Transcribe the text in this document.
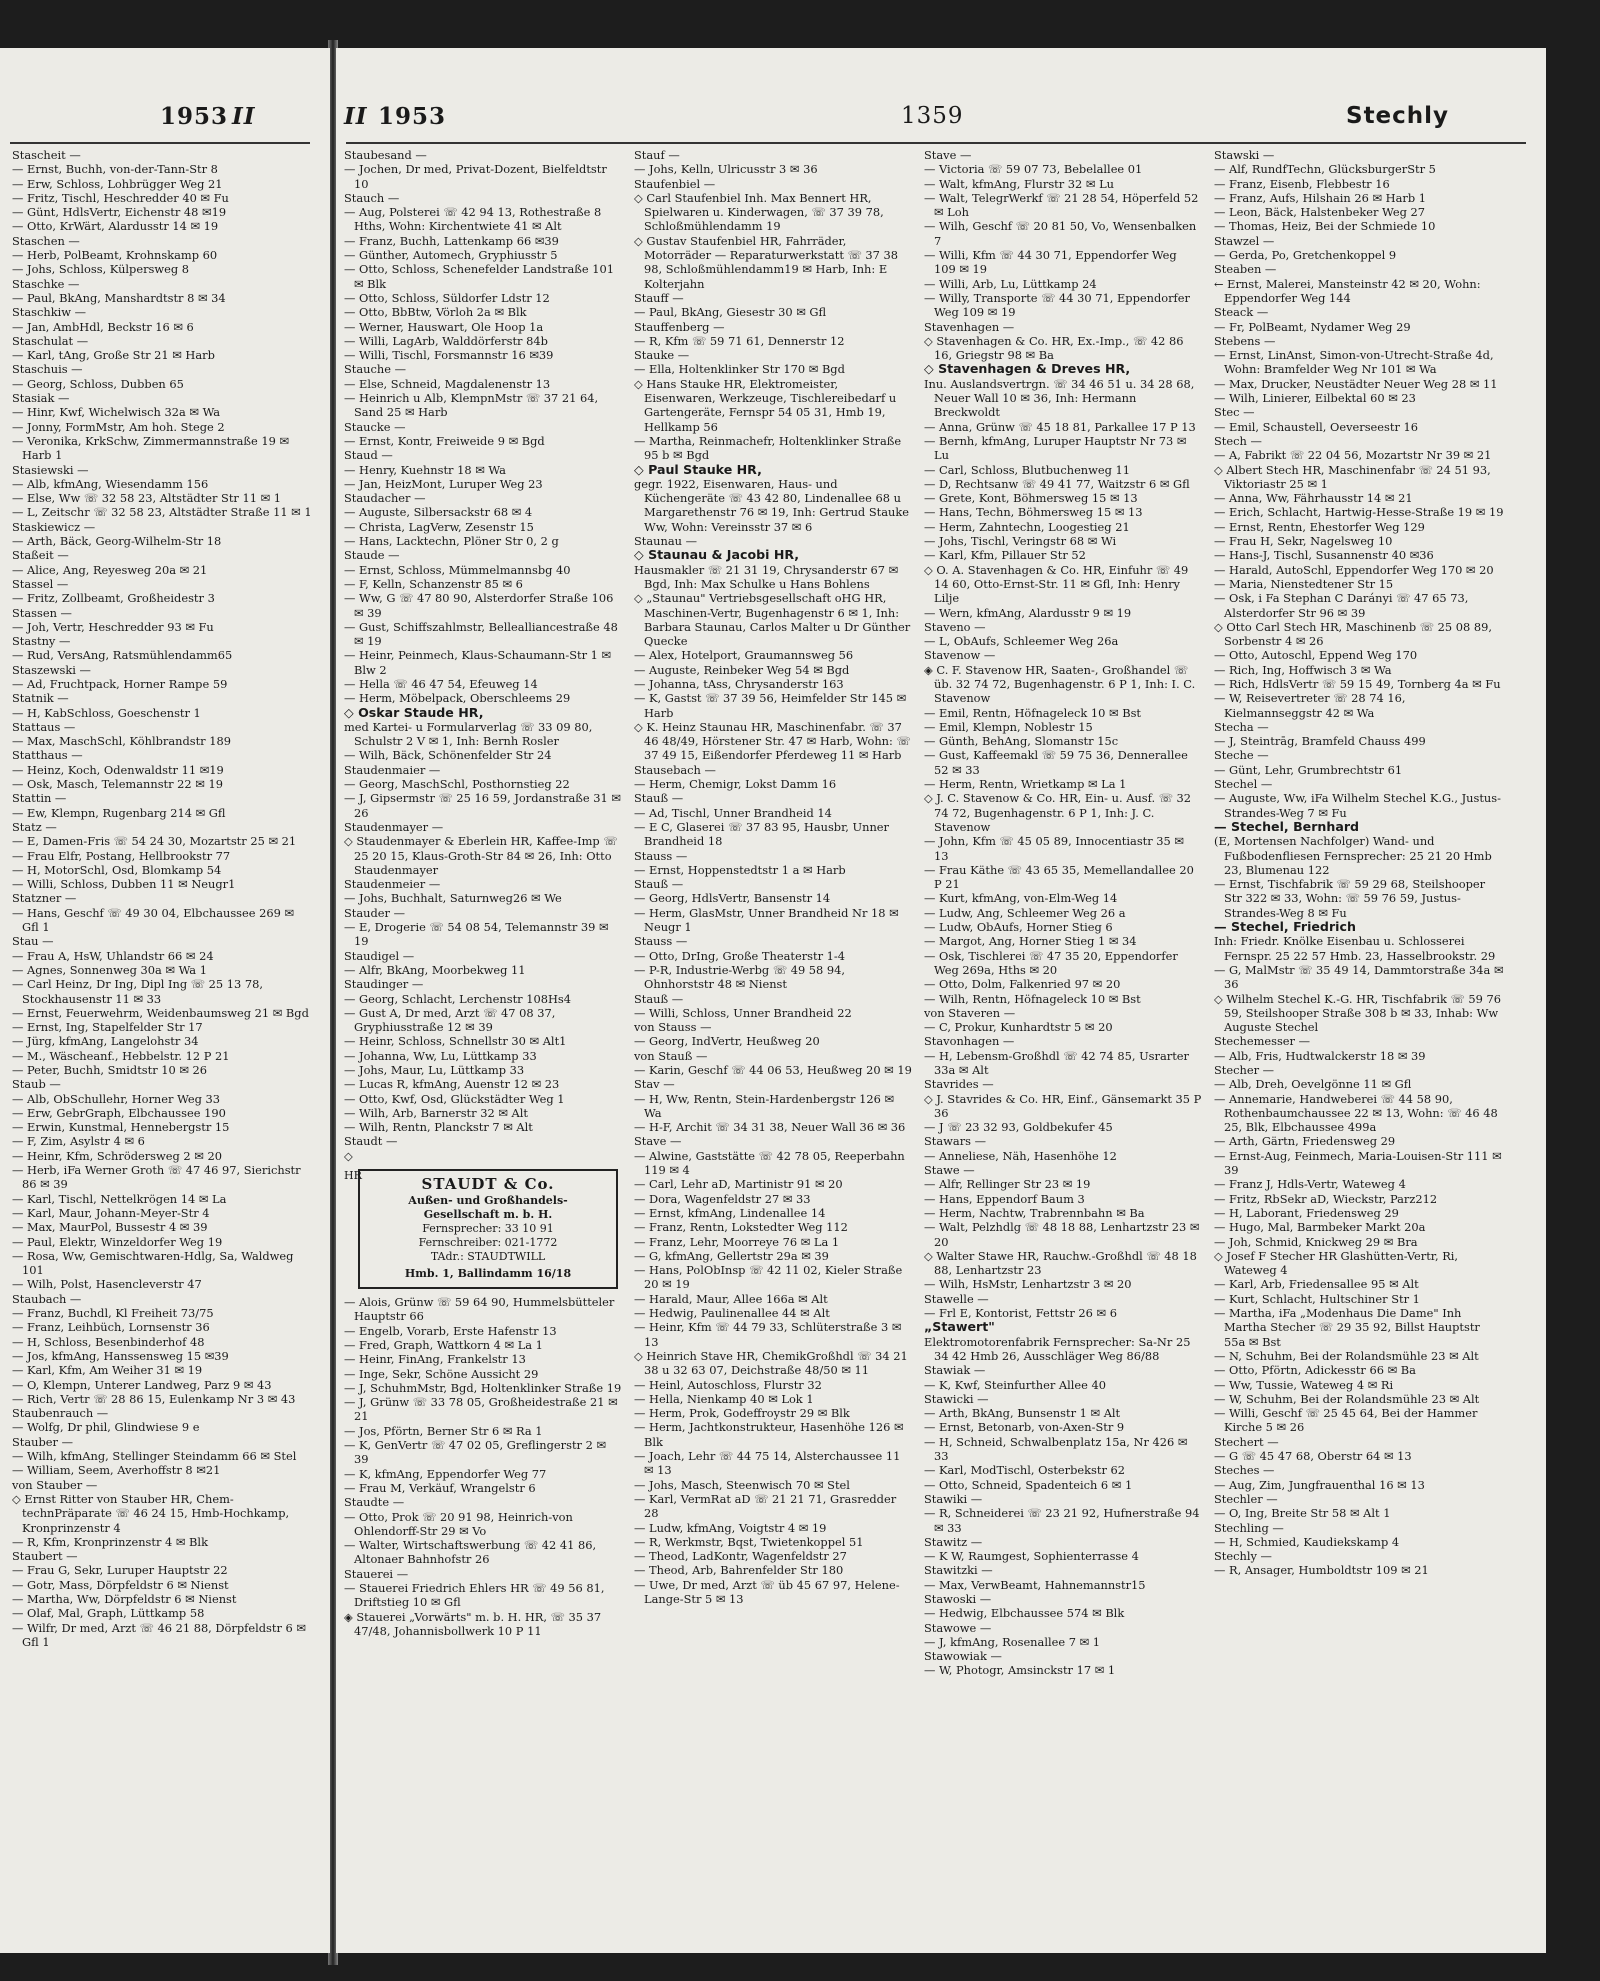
1953 II
Stascheit —
— Ernst, Buchh, von-der-Tann-Str 8
— Erw, Schloss, Lohbrügger Weg 21
— Fritz, Tischl, Heschredder 40 ✉ Fu
— Günt, HdlsVertr, Eichenstr 48 ✉19
— Otto, KrWärt, Alardusstr 14 ✉ 19
Staschen —
— Herb, PolBeamt, Krohnskamp 60
— Johs, Schloss, Külpersweg 8
Staschke —
— Paul, BkAng, Manshardtstr 8 ✉ 34
Staschkiw —
— Jan, AmbHdl, Beckstr 16 ✉ 6
Staschulat —
— Karl, tAng, Große Str 21 ✉ Harb
Staschuis —
— Georg, Schloss, Dubben 65
Stasiak —
— Hinr, Kwf, Wichelwisch 32a ✉ Wa
— Jonny, FormMstr, Am hoh. Stege 2
— Veronika, KrkSchw, Zimmermannstraße 19 ✉ Harb 1
Stasiewski —
— Alb, kfmAng, Wiesendamm 156
— Else, Ww ☏ 32 58 23, Altstädter Str 11 ✉ 1
— L, Zeitschr ☏ 32 58 23, Altstädter Straße 11 ✉ 1
Staskiewicz —
— Arth, Bäck, Georg-Wilhelm-Str 18
Staßeit —
— Alice, Ang, Reyesweg 20a ✉ 21
Stassel —
— Fritz, Zollbeamt, Großheidestr 3
Stassen —
— Joh, Vertr, Heschredder 93 ✉ Fu
Stastny —
— Rud, VersAng, Ratsmühlendamm65
Staszewski —
— Ad, Fruchtpack, Horner Rampe 59
Statnik —
— H, KabSchloss, Goeschenstr 1
Stattaus —
— Max, MaschSchl, Köhlbrandstr 189
Statthaus —
— Heinz, Koch, Odenwaldstr 11 ✉19
— Osk, Masch, Telemannstr 22 ✉ 19
Stattin —
— Ew, Klempn, Rugenbarg 214 ✉ Gfl
Statz —
— E, Damen-Fris ☏ 54 24 30, Mozartstr 25 ✉ 21
— Frau Elfr, Postang, Hellbrookstr 77
— H, MotorSchl, Osd, Blomkamp 54
— Willi, Schloss, Dubben 11 ✉ Neugr1
Statzner —
— Hans, Geschf ☏ 49 30 04, Elbchaussee 269 ✉ Gfl 1
Stau —
— Frau A, HsW, Uhlandstr 66 ✉ 24
— Agnes, Sonnenweg 30a ✉ Wa 1
— Carl Heinz, Dr Ing, Dipl Ing ☏ 25 13 78, Stockhausenstr 11 ✉ 33
— Ernst, Feuerwehrm, Weidenbaumsweg 21 ✉ Bgd
— Ernst, Ing, Stapelfelder Str 17
— Jürg, kfmAng, Langelohstr 34
— M., Wäscheanf., Hebbelstr. 12 P 21
— Peter, Buchh, Smidtstr 10 ✉ 26
Staub —
— Alb, ObSchullehr, Horner Weg 33
— Erw, GebrGraph, Elbchaussee 190
— Erwin, Kunstmal, Hennebergstr 15
— F, Zim, Asylstr 4 ✉ 6
— Heinr, Kfm, Schrödersweg 2 ✉ 20
— Herb, iFa Werner Groth ☏ 47 46 97, Sierichstr 86 ✉ 39
— Karl, Tischl, Nettelkrögen 14 ✉ La
— Karl, Maur, Johann-Meyer-Str 4
— Max, MaurPol, Bussestr 4 ✉ 39
— Paul, Elektr, Winzeldorfer Weg 19
— Rosa, Ww, Gemischtwaren-Hdlg, Sa, Waldweg 101
— Wilh, Polst, Hasencleverstr 47
Staubach —
— Franz, Buchdl, Kl Freiheit 73/75
— Franz, Leihbüch, Lornsenstr 36
— H, Schloss, Besenbinderhof 48
— Jos, kfmAng, Hanssensweg 15 ✉39
— Karl, Kfm, Am Weiher 31 ✉ 19
— O, Klempn, Unterer Landweg, Parz 9 ✉ 43
— Rich, Vertr ☏ 28 86 15, Eulenkamp Nr 3 ✉ 43
Staubenrauch —
— Wolfg, Dr phil, Glindwiese 9 e
Stauber —
— Wilh, kfmAng, Stellinger Steindamm 66 ✉ Stel
— William, Seem, Averhoffstr 8 ✉21
von Stauber —
◇ Ernst Ritter von Stauber HR, Chem-technPräparate ☏ 46 24 15, Hmb-Hochkamp, Kronprinzenstr 4
— R, Kfm, Kronprinzenstr 4 ✉ Blk
Staubert —
— Frau G, Sekr, Luruper Hauptstr 22
— Gotr, Mass, Dörpfeldstr 6 ✉ Nienst
— Martha, Ww, Dörpfeldstr 6 ✉ Nienst
— Olaf, Mal, Graph, Lüttkamp 58
— Wilfr, Dr med, Arzt ☏ 46 21 88, Dörpfeldstr 6 ✉ Gfl 1
II 1953	1359	Stechly
Staubesand —
— Jochen, Dr med, Privat-Dozent, Bielfeldtstr 10
Stauch —
— Aug, Polsterei ☏ 42 94 13, Rothestraße 8 Hths, Wohn: Kirchentwiete 41 ✉ Alt
— Franz, Buchh, Lattenkamp 66 ✉39
— Günther, Automech, Gryphiusstr 5
— Otto, Schloss, Schenefelder Landstraße 101 ✉ Blk
— Otto, Schloss, Süldorfer Ldstr 12
— Otto, BbBtw, Vörloh 2a ✉ Blk
— Werner, Hauswart, Ole Hoop 1a
— Willi, LagArb, Walddörferstr 84b
— Willi, Tischl, Forsmannstr 16 ✉39
Stauche —
— Else, Schneid, Magdalenenstr 13
— Heinrich u Alb, KlempnMstr ☏ 37 21 64, Sand 25 ✉ Harb
Staucke —
— Ernst, Kontr, Freiweide 9 ✉ Bgd
Staud —
— Henry, Kuehnstr 18 ✉ Wa
— Jan, HeizMont, Luruper Weg 23
Staudacher —
— Auguste, Silbersackstr 68 ✉ 4
— Christa, LagVerw, Zesenstr 15
— Hans, Lacktechn, Plöner Str 0, 2 g
Staude —
— Ernst, Schloss, Mümmelmannsbg 40
— F, Kelln, Schanzenstr 85 ✉ 6
— Ww, G ☏ 47 80 90, Alsterdorfer Straße 106 ✉ 39
— Gust, Schiffszahlmstr, Bellealliancestraße 48 ✉ 19
— Heinr, Peinmech, Klaus-Schaumann-Str 1 ✉ Blw 2
— Hella ☏ 46 47 54, Efeuweg 14
— Herm, Möbelpack, Oberschleems 29
◇ Oskar Staude HR,
med Kartei- u Formularverlag ☏ 33 09 80, Schulstr 2 V ✉ 1, Inh: Bernh Rosler
— Wilh, Bäck, Schönenfelder Str 24
Staudenmaier —
— Georg, MaschSchl, Posthornstieg 22
— J, Gipsermstr ☏ 25 16 59, Jordanstraße 31 ✉ 26
Staudenmayer —
◇ Staudenmayer & Eberlein HR, Kaffee-Imp ☏ 25 20 15, Klaus-Groth-Str 84 ✉ 26, Inh: Otto Staudenmayer
Staudenmeier —
— Johs, Buchhalt, Saturnweg26 ✉ We
Stauder —
— E, Drogerie ☏ 54 08 54, Telemannstr 39 ✉ 19
Staudigel —
— Alfr, BkAng, Moorbekweg 11
Staudinger —
— Georg, Schlacht, Lerchenstr 108Hs4
— Gust A, Dr med, Arzt ☏ 47 08 37, Gryphiusstraße 12 ✉ 39
— Heinr, Schloss, Schnellstr 30 ✉ Alt1
— Johanna, Ww, Lu, Lüttkamp 33
— Johs, Maur, Lu, Lüttkamp 33
— Lucas R, kfmAng, Auenstr 12 ✉ 23
— Otto, Kwf, Osd, Glückstädter Weg 1
— Wilh, Arb, Barnerstr 32 ✉ Alt
— Wilh, Rentn, Planckstr 7 ✉ Alt
Staudt —
◇
HR	STAUDT & Co.
Außen- und Großhandels-
Gesellschaft m. b. H.
Fernsprecher: 33 10 91
Fernschreiber: 021-1772
TAdr.: STAUDTWILL
Hmb. 1, Ballindamm 16/18
— Alois, Grünw ☏ 59 64 90, Hummelsbütteler Hauptstr 66
— Engelb, Vorarb, Erste Hafenstr 13
— Fred, Graph, Wattkorn 4 ✉ La 1
— Heinr, FinAng, Frankelstr 13
— Inge, Sekr, Schöne Aussicht 29
— J, SchuhmMstr, Bgd, Holtenklinker Straße 19
— J, Grünw ☏ 33 78 05, Großheidestraße 21 ✉ 21
— Jos, Pförtn, Berner Str 6 ✉ Ra 1
— K, GenVertr ☏ 47 02 05, Greflingerstr 2 ✉ 39
— K, kfmAng, Eppendorfer Weg 77
— Frau M, Verkäuf, Wrangelstr 6
Staudte —
— Otto, Prok ☏ 20 91 98, Heinrich-von Ohlendorff-Str 29 ✉ Vo
— Walter, Wirtschaftswerbung ☏ 42 41 86, Altonaer Bahnhofstr 26
Stauerei —
— Stauerei Friedrich Ehlers HR ☏ 49 56 81, Driftstieg 10 ✉ Gfl
◈ Stauerei „Vorwärts" m. b. H. HR, ☏ 35 37 47/48, Johannisbollwerk 10 P 11
Stauf —
— Johs, Kelln, Ulricusstr 3 ✉ 36
Staufenbiel —
◇ Carl Staufenbiel Inh. Max Bennert HR, Spielwaren u. Kinderwagen, ☏ 37 39 78, Schloßmühlendamm 19
◇ Gustav Staufenbiel HR, Fahrräder, Motorräder — Reparaturwerkstatt ☏ 37 38 98, Schloßmühlendamm19 ✉ Harb, Inh: E Kolterjahn
Stauff —
— Paul, BkAng, Giesestr 30 ✉ Gfl
Stauffenberg —
— R, Kfm ☏ 59 71 61, Dennerstr 12
Stauke —
— Ella, Holtenklinker Str 170 ✉ Bgd
◇ Hans Stauke HR, Elektromeister, Eisenwaren, Werkzeuge, Tischlereibedarf u Gartengeräte, Fernspr 54 05 31, Hmb 19, Hellkamp 56
— Martha, Reinmachefr, Holtenklinker Straße 95 b ✉ Bgd
◇ Paul Stauke HR,
gegr. 1922, Eisenwaren, Haus- und Küchengeräte ☏ 43 42 80, Lindenallee 68 u Margarethenstr 76 ✉ 19, Inh: Gertrud Stauke Ww, Wohn: Vereinsstr 37 ✉ 6
Staunau —
◇ Staunau & Jacobi HR,
Hausmakler ☏ 21 31 19, Chrysanderstr 67 ✉ Bgd, Inh: Max Schulke u Hans Bohlens
◇ „Staunau" Vertriebsgesellschaft oHG HR, Maschinen-Vertr, Bugenhagenstr 6 ✉ 1, Inh: Barbara Staunau, Carlos Malter u Dr Günther Quecke
— Alex, Hotelport, Graumannsweg 56
— Auguste, Reinbeker Weg 54 ✉ Bgd
— Johanna, tAss, Chrysanderstr 163
— K, Gastst ☏ 37 39 56, Heimfelder Str 145 ✉ Harb
◇ K. Heinz Staunau HR, Maschinenfabr. ☏ 37 46 48/49, Hörstener Str. 47 ✉ Harb, Wohn: ☏ 37 49 15, Eißendorfer Pferdeweg 11 ✉ Harb
Stausebach —
— Herm, Chemigr, Lokst Damm 16
Stauß —
— Ad, Tischl, Unner Brandheid 14
— E C, Glaserei ☏ 37 83 95, Hausbr, Unner Brandheid 18
Stauss —
— Ernst, Hoppenstedtstr 1 a ✉ Harb
Stauß —
— Georg, HdlsVertr, Bansenstr 14
— Herm, GlasMstr, Unner Brandheid Nr 18 ✉ Neugr 1
Stauss —
— Otto, DrIng, Große Theaterstr 1-4
— P-R, Industrie-Werbg ☏ 49 58 94, Ohnhorststr 48 ✉ Nienst
Stauß —
— Willi, Schloss, Unner Brandheid 22
von Stauss —
— Georg, IndVertr, Heußweg 20
von Stauß —
— Karin, Geschf ☏ 44 06 53, Heußweg 20 ✉ 19
Stav —
— H, Ww, Rentn, Stein-Hardenbergstr 126 ✉ Wa
— H-F, Archit ☏ 34 31 38, Neuer Wall 36 ✉ 36
Stave —
— Alwine, Gaststätte ☏ 42 78 05, Reeperbahn 119 ✉ 4
— Carl, Lehr aD, Martinistr 91 ✉ 20
— Dora, Wagenfeldstr 27 ✉ 33
— Ernst, kfmAng, Lindenallee 14
— Franz, Rentn, Lokstedter Weg 112
— Franz, Lehr, Moorreye 76 ✉ La 1
— G, kfmAng, Gellertstr 29a ✉ 39
— Hans, PolObInsp ☏ 42 11 02, Kieler Straße 20 ✉ 19
— Harald, Maur, Allee 166a ✉ Alt
— Hedwig, Paulinenallee 44 ✉ Alt
— Heinr, Kfm ☏ 44 79 33, Schlüterstraße 3 ✉ 13
◇ Heinrich Stave HR, ChemikGroßhdl ☏ 34 21 38 u 32 63 07, Deichstraße 48/50 ✉ 11
— Heinl, Autoschloss, Flurstr 32
— Hella, Nienkamp 40 ✉ Lok 1
— Herm, Prok, Godeffroystr 29 ✉ Blk
— Herm, Jachtkonstrukteur, Hasenhöhe 126 ✉ Blk
— Joach, Lehr ☏ 44 75 14, Alsterchaussee 11 ✉ 13
— Johs, Masch, Steenwisch 70 ✉ Stel
— Karl, VermRat aD ☏ 21 21 71, Grasredder 28
— Ludw, kfmAng, Voigtstr 4 ✉ 19
— R, Werkmstr, Bqst, Twietenkoppel 51
— Theod, LadKontr, Wagenfeldstr 27
— Theod, Arb, Bahrenfelder Str 180
— Uwe, Dr med, Arzt ☏ üb 45 67 97, Helene-Lange-Str 5 ✉ 13
Stave —
— Victoria ☏ 59 07 73, Bebelallee 01
— Walt, kfmAng, Flurstr 32 ✉ Lu
— Walt, TelegrWerkf ☏ 21 28 54, Höperfeld 52 ✉ Loh
— Wilh, Geschf ☏ 20 81 50, Vo, Wensenbalken 7
— Willi, Kfm ☏ 44 30 71, Eppendorfer Weg 109 ✉ 19
— Willi, Arb, Lu, Lüttkamp 24
— Willy, Transporte ☏ 44 30 71, Eppendorfer Weg 109 ✉ 19
Stavenhagen —
◇ Stavenhagen & Co. HR, Ex.-Imp., ☏ 42 86 16, Griegstr 98 ✉ Ba
◇ Stavenhagen & Dreves HR,
Inu. Auslandsvertrgn. ☏ 34 46 51 u. 34 28 68, Neuer Wall 10 ✉ 36, Inh: Hermann Breckwoldt
— Anna, Grünw ☏ 45 18 81, Parkallee 17 P 13
— Bernh, kfmAng, Luruper Hauptstr Nr 73 ✉ Lu
— Carl, Schloss, Blutbuchenweg 11
— D, Rechtsanw ☏ 49 41 77, Waitzstr 6 ✉ Gfl
— Grete, Kont, Böhmersweg 15 ✉ 13
— Hans, Techn, Böhmersweg 15 ✉ 13
— Herm, Zahntechn, Loogestieg 21
— Johs, Tischl, Veringstr 68 ✉ Wi
— Karl, Kfm, Pillauer Str 52
◇ O. A. Stavenhagen & Co. HR, Einfuhr ☏ 49 14 60, Otto-Ernst-Str. 11 ✉ Gfl, Inh: Henry Lilje
— Wern, kfmAng, Alardusstr 9 ✉ 19
Staveno —
— L, ObAufs, Schleemer Weg 26a
Stavenow —
◈ C. F. Stavenow HR, Saaten-, Großhandel ☏ üb. 32 74 72, Bugenhagenstr. 6 P 1, Inh: I. C. Stavenow
— Emil, Rentn, Höfnageleck 10 ✉ Bst
— Emil, Klempn, Noblestr 15
— Günth, BehAng, Slomanstr 15c
— Gust, Kaffeemakl ☏ 59 75 36, Dennerallee 52 ✉ 33
— Herm, Rentn, Wrietkamp ✉ La 1
◇ J. C. Stavenow & Co. HR, Ein- u. Ausf. ☏ 32 74 72, Bugenhagenstr. 6 P 1, Inh: J. C. Stavenow
— John, Kfm ☏ 45 05 89, Innocentiastr 35 ✉ 13
— Frau Käthe ☏ 43 65 35, Memellandallee 20 P 21
— Kurt, kfmAng, von-Elm-Weg 14
— Ludw, Ang, Schleemer Weg 26 a
— Ludw, ObAufs, Horner Stieg 6
— Margot, Ang, Horner Stieg 1 ✉ 34
— Osk, Tischlerei ☏ 47 35 20, Eppendorfer Weg 269a, Hths ✉ 20
— Otto, Dolm, Falkenried 97 ✉ 20
— Wilh, Rentn, Höfnageleck 10 ✉ Bst
von Staveren —
— C, Prokur, Kunhardtstr 5 ✉ 20
Stavonhagen —
— H, Lebensm-Großhdl ☏ 42 74 85, Usrarter 33a ✉ Alt
Stavrides —
◇ J. Stavrides & Co. HR, Einf., Gänsemarkt 35 P 36
— J ☏ 23 32 93, Goldbekufer 45
Stawars —
— Anneliese, Näh, Hasenhöhe 12
Stawe —
— Alfr, Rellinger Str 23 ✉ 19
— Hans, Eppendorf Baum 3
— Herm, Nachtw, Trabrennbahn ✉ Ba
— Walt, Pelzhdlg ☏ 48 18 88, Lenhartzstr 23 ✉ 20
◇ Walter Stawe HR, Rauchw.-Großhdl ☏ 48 18 88, Lenhartzstr 23
— Wilh, HsMstr, Lenhartzstr 3 ✉ 20
Stawelle —
— Frl E, Kontorist, Fettstr 26 ✉ 6
„Stawert"
Elektromotorenfabrik Fernsprecher: Sa-Nr 25 34 42 Hmb 26, Ausschläger Weg 86/88
Stawiak —
— K, Kwf, Steinfurther Allee 40
Stawicki —
— Arth, BkAng, Bunsenstr 1 ✉ Alt
— Ernst, Betonarb, von-Axen-Str 9
— H, Schneid, Schwalbenplatz 15a, Nr 426 ✉ 33
— Karl, ModTischl, Osterbekstr 62
— Otto, Schneid, Spadenteich 6 ✉ 1
Stawiki —
— R, Schneiderei ☏ 23 21 92, Hufnerstraße 94 ✉ 33
Stawitz —
— K W, Raumgest, Sophienterrasse 4
Stawitzki —
— Max, VerwBeamt, Hahnemannstr15
Stawoski —
— Hedwig, Elbchaussee 574 ✉ Blk
Stawowe —
— J, kfmAng, Rosenallee 7 ✉ 1
Stawowiak —
— W, Photogr, Amsinckstr 17 ✉ 1
Stawski —
— Alf, RundfTechn, GlücksburgerStr 5
— Franz, Eisenb, Flebbestr 16
— Franz, Aufs, Hilshain 26 ✉ Harb 1
— Leon, Bäck, Halstenbeker Weg 27
— Thomas, Heiz, Bei der Schmiede 10
Stawzel —
— Gerda, Po, Gretchenkoppel 9
Steaben —
← Ernst, Malerei, Mansteinstr 42 ✉ 20, Wohn: Eppendorfer Weg 144
Steack —
— Fr, PolBeamt, Nydamer Weg 29
Stebens —
— Ernst, LinAnst, Simon-von-Utrecht-Straße 4d, Wohn: Bramfelder Weg Nr 101 ✉ Wa
— Max, Drucker, Neustädter Neuer Weg 28 ✉ 11
— Wilh, Linierer, Eilbektal 60 ✉ 23
Stec —
— Emil, Schaustell, Oeverseestr 16
Stech —
— A, Fabrikt ☏ 22 04 56, Mozartstr Nr 39 ✉ 21
◇ Albert Stech HR, Maschinenfabr ☏ 24 51 93, Viktoriastr 25 ✉ 1
— Anna, Ww, Fährhausstr 14 ✉ 21
— Erich, Schlacht, Hartwig-Hesse-Straße 19 ✉ 19
— Ernst, Rentn, Ehestorfer Weg 129
— Frau H, Sekr, Nagelsweg 10
— Hans-J, Tischl, Susannenstr 40 ✉36
— Harald, AutoSchl, Eppendorfer Weg 170 ✉ 20
— Maria, Nienstedtener Str 15
— Osk, i Fa Stephan C Darányi ☏ 47 65 73, Alsterdorfer Str 96 ✉ 39
◇ Otto Carl Stech HR, Maschinenb ☏ 25 08 89, Sorbenstr 4 ✉ 26
— Otto, Autoschl, Eppend Weg 170
— Rich, Ing, Hoffwisch 3 ✉ Wa
— Rich, HdlsVertr ☏ 59 15 49, Tornberg 4a ✉ Fu
— W, Reisevertreter ☏ 28 74 16, Kielmannseggstr 42 ✉ Wa
Stecha —
— J, Steintrāg, Bramfeld Chauss 499
Steche —
— Günt, Lehr, Grumbrechtstr 61
Stechel —
— Auguste, Ww, iFa Wilhelm Stechel K.G., Justus-Strandes-Weg 7 ✉ Fu
— Stechel, Bernhard
(E, Mortensen Nachfolger) Wand- und Fußbodenfliesen Fernsprecher: 25 21 20 Hmb 23, Blumenau 122
— Ernst, Tischfabrik ☏ 59 29 68, Steilshooper Str 322 ✉ 33, Wohn: ☏ 59 76 59, Justus-Strandes-Weg 8 ✉ Fu
— Stechel, Friedrich
Inh: Friedr. Knölke Eisenbau u. Schlosserei Fernspr. 25 22 57 Hmb. 23, Hasselbrookstr. 29
— G, MalMstr ☏ 35 49 14, Dammtorstraße 34a ✉ 36
◇ Wilhelm Stechel K.-G. HR, Tischfabrik ☏ 59 76 59, Steilshooper Straße 308 b ✉ 33, Inhab: Ww Auguste Stechel
Stechemesser —
— Alb, Fris, Hudtwalckerstr 18 ✉ 39
Stecher —
— Alb, Dreh, Oevelgönne 11 ✉ Gfl
— Annemarie, Handweberei ☏ 44 58 90, Rothenbaumchaussee 22 ✉ 13, Wohn: ☏ 46 48 25, Blk, Elbchaussee 499a
— Arth, Gärtn, Friedensweg 29
— Ernst-Aug, Feinmech, Maria-Louisen-Str 111 ✉ 39
— Franz J, Hdls-Vertr, Wateweg 4
— Fritz, RbSekr aD, Wieckstr, Parz212
— H, Laborant, Friedensweg 29
— Hugo, Mal, Barmbeker Markt 20a
— Joh, Schmid, Knickweg 29 ✉ Bra
◇ Josef F Stecher HR Glashütten-Vertr, Ri, Wateweg 4
— Karl, Arb, Friedensallee 95 ✉ Alt
— Kurt, Schlacht, Hultschiner Str 1
— Martha, iFa „Modenhaus Die Dame" Inh Martha Stecher ☏ 29 35 92, Billst Hauptstr 55a ✉ Bst
— N, Schuhm, Bei der Rolandsmühle 23 ✉ Alt
— Otto, Pförtn, Adickesstr 66 ✉ Ba
— Ww, Tussie, Wateweg 4 ✉ Ri
— W, Schuhm, Bei der Rolandsmühle 23 ✉ Alt
— Willi, Geschf ☏ 25 45 64, Bei der Hammer Kirche 5 ✉ 26
Stechert —
— G ☏ 45 47 68, Oberstr 64 ✉ 13
Steches —
— Aug, Zim, Jungfrauenthal 16 ✉ 13
Stechler —
— O, Ing, Breite Str 58 ✉ Alt 1
Stechling —
— H, Schmied, Kaudiekskamp 4
Stechly —
— R, Ansager, Humboldtstr 109 ✉ 21
